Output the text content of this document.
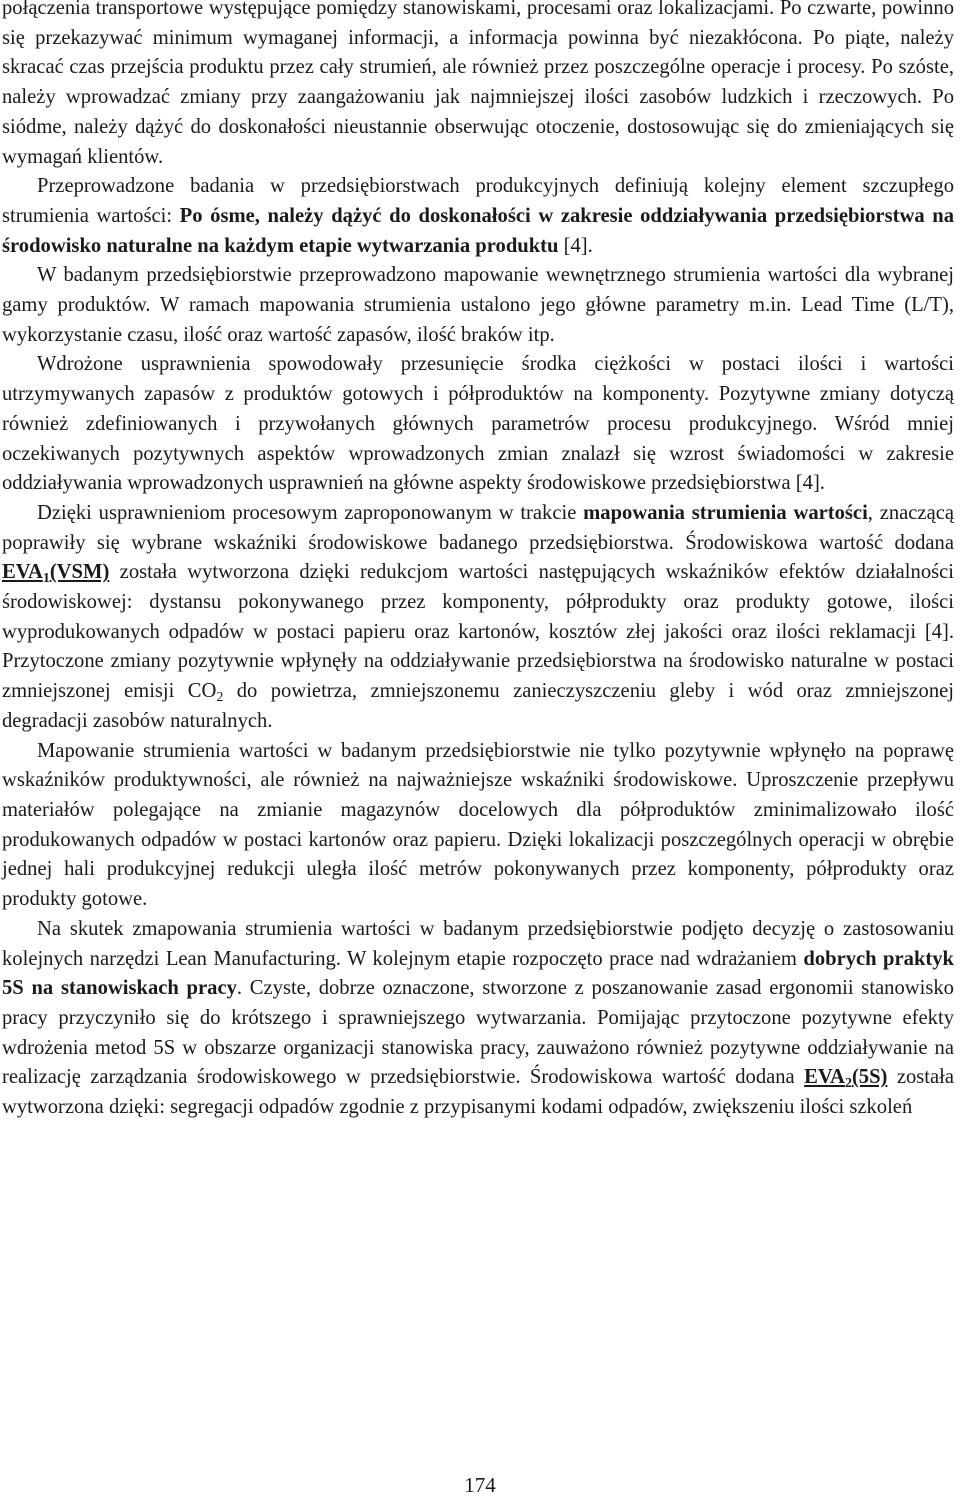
połączenia transportowe występujące pomiędzy stanowiskami, procesami oraz lokalizacjami. Po czwarte, powinno się przekazywać minimum wymaganej informacji, a informacja powinna być niezakłócona. Po piąte, należy skracać czas przejścia produktu przez cały strumień, ale również przez poszczególne operacje i procesy. Po szóste, należy wprowadzać zmiany przy zaangażowaniu jak najmniejszej ilości zasobów ludzkich i rzeczowych. Po siódme, należy dążyć do doskonałości nieustannie obserwując otoczenie, dostosowując się do zmieniających się wymagań klientów.

Przeprowadzone badania w przedsiębiorstwach produkcyjnych definiują kolejny element szczupłego strumienia wartości: Po ósme, należy dążyć do doskonałości w zakresie oddziaływania przedsiębiorstwa na środowisko naturalne na każdym etapie wytwarzania produktu [4].

W badanym przedsiębiorstwie przeprowadzono mapowanie wewnętrznego strumienia wartości dla wybranej gamy produktów. W ramach mapowania strumienia ustalono jego główne parametry m.in. Lead Time (L/T), wykorzystanie czasu, ilość oraz wartość zapasów, ilość braków itp.

Wdrożone usprawnienia spowodowały przesunięcie środka ciężkości w postaci ilości i wartości utrzymywanych zapasów z produktów gotowych i półproduktów na komponenty. Pozytywne zmiany dotyczą również zdefiniowanych i przywołanych głównych parametrów procesu produkcyjnego. Wśród mniej oczekiwanych pozytywnych aspektów wprowadzonych zmian znalazł się wzrost świadomości w zakresie oddziaływania wprowadzonych usprawnień na główne aspekty środowiskowe przedsiębiorstwa [4].

Dzięki usprawnieniom procesowym zaproponowanym w trakcie mapowania strumienia wartości, znaczącą poprawiły się wybrane wskaźniki środowiskowe badanego przedsiębiorstwa. Środowiskowa wartość dodana $EVA_1(VSM)$ została wytworzona dzięki redukcjom wartości następujących wskaźników efektów działalności środowiskowej: dystansu pokonywanego przez komponenty, półprodukty oraz produkty gotowe, ilości wyprodukowanych odpadów w postaci papieru oraz kartonów, kosztów złej jakości oraz ilości reklamacji [4]. Przytoczone zmiany pozytywnie wpłynęły na oddziaływanie przedsiębiorstwa na środowisko naturalne w postaci zmniejszonej emisji $CO_2$ do powietrza, zmniejszonemu zanieczyszczeniu gleby i wód oraz zmniejszonej degradacji zasobów naturalnych.

Mapowanie strumienia wartości w badanym przedsiębiorstwie nie tylko pozytywnie wpłynęło na poprawę wskaźników produktywności, ale również na najważniejsze wskaźniki środowiskowe. Uproszczenie przepływu materiałów polegające na zmianie magazynów docelowych dla półproduktów zminimalizowało ilość produkowanych odpadów w postaci kartonów oraz papieru. Dzięki lokalizacji poszczególnych operacji w obrębie jednej hali produkcyjnej redukcji uległa ilość metrów pokonywanych przez komponenty, półprodukty oraz produkty gotowe.

Na skutek zmapowania strumienia wartości w badanym przedsiębiorstwie podjęto decyzję o zastosowaniu kolejnych narzędzi Lean Manufacturing. W kolejnym etapie rozpoczęto prace nad wdrażaniem dobrych praktyk 5S na stanowiskach pracy. Czyste, dobrze oznaczone, stworzone z poszanowanie zasad ergonomii stanowisko pracy przyczyniło się do krótszego i sprawniejszego wytwarzania. Pomijając przytoczone pozytywne efekty wdrożenia metod 5S w obszarze organizacji stanowiska pracy, zauważono również pozytywne oddziaływanie na realizację zarządzania środowiskowego w przedsiębiorstwie. Środowiskowa wartość dodana $EVA_2(5S)$ została wytworzona dzięki: segregacji odpadów zgodnie z przypisanymi kodami odpadów, zwiększeniu ilości szkoleń

174
